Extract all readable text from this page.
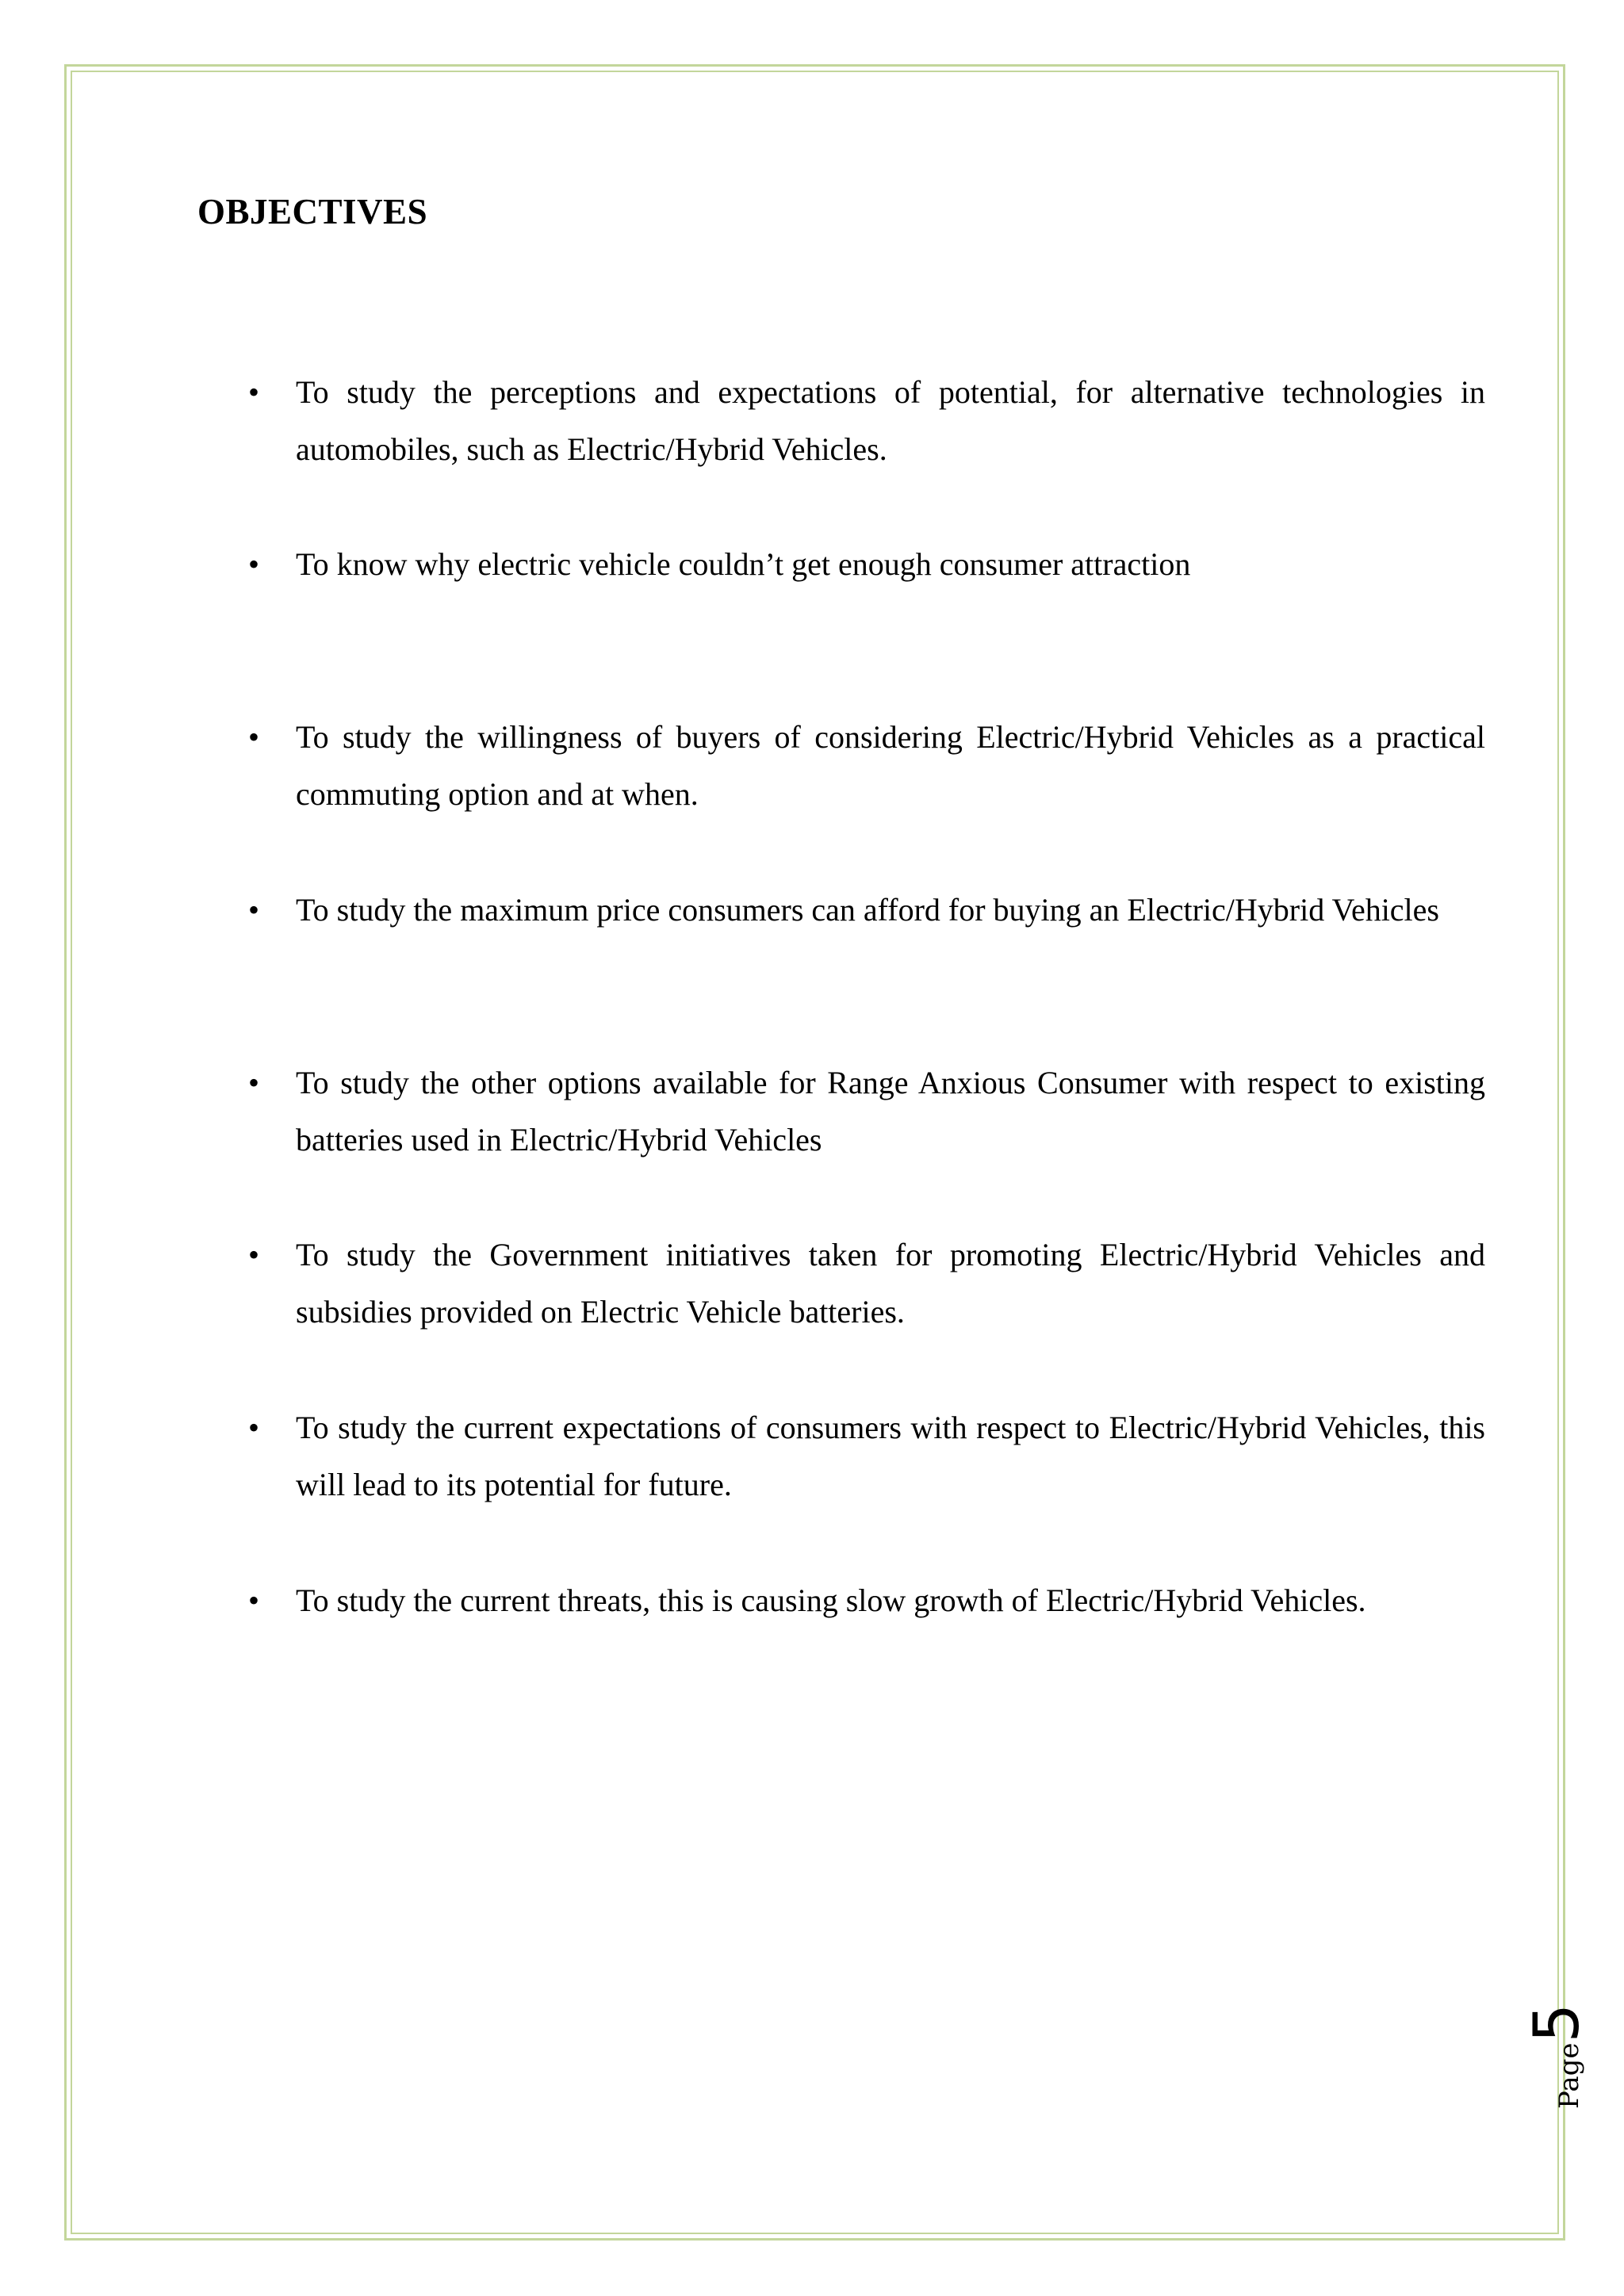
OBJECTIVES
• To study the perceptions and expectations of potential, for alternative technologies in automobiles, such as Electric/Hybrid Vehicles.

• To know why electric vehicle couldn’t get enough consumer attraction

• To study the willingness of buyers of considering Electric/Hybrid Vehicles as a practical commuting option and at when.

• To study the maximum price consumers can afford for buying an Electric/Hybrid Vehicles

• To study the other options available for Range Anxious Consumer with respect to existing batteries used in Electric/Hybrid Vehicles

• To study the Government initiatives taken for promoting Electric/Hybrid Vehicles and subsidies provided on Electric Vehicle batteries.

• To study the current expectations of consumers with respect to Electric/Hybrid Vehicles, this will lead to its potential for future.

• To study the current threats, this is causing slow growth of Electric/Hybrid Vehicles.

Page5
